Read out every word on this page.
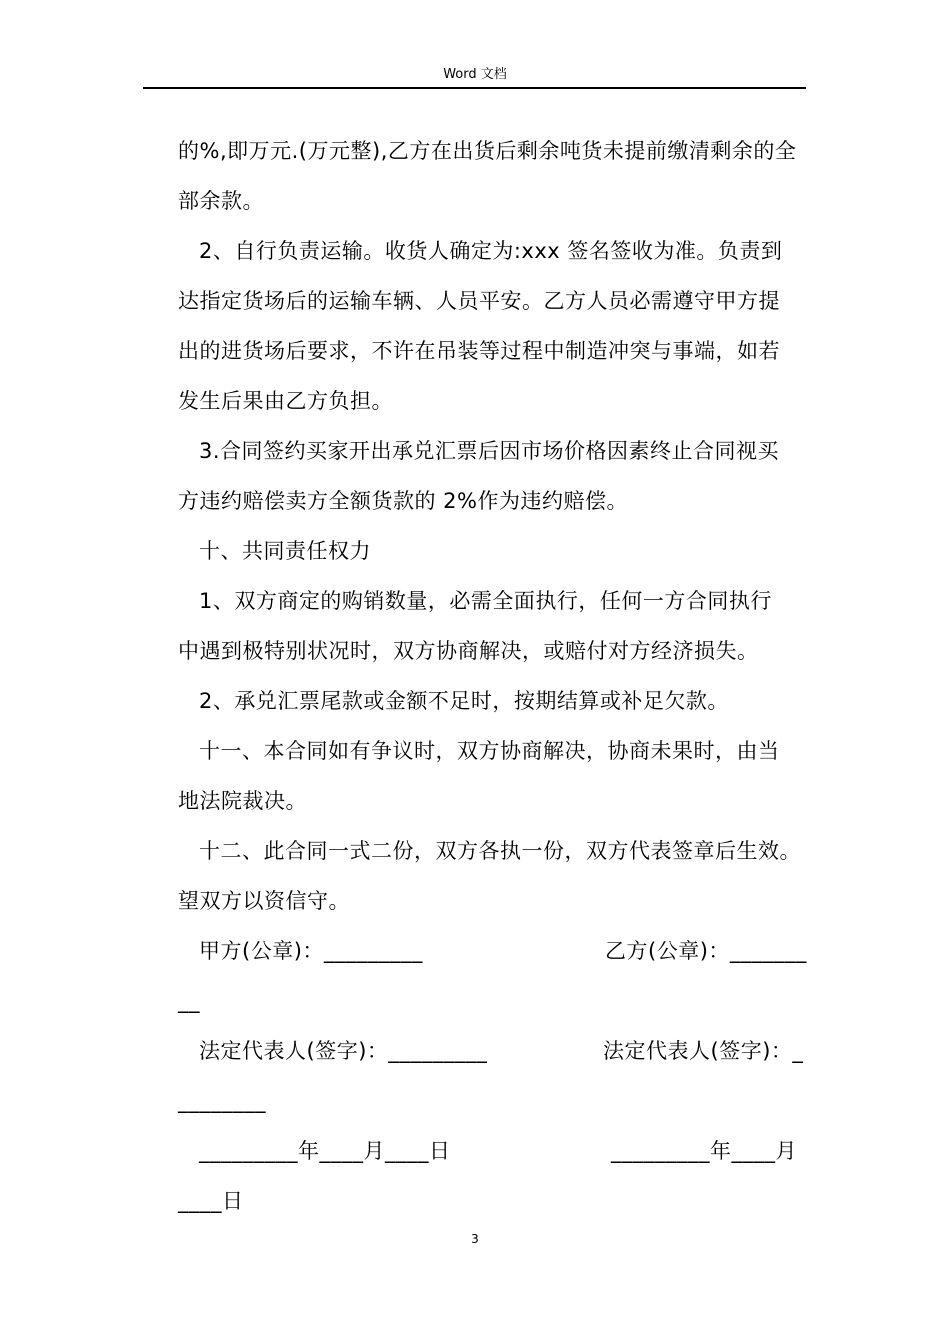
Word 文档
的%,即万元.(万元整),乙方在出货后剩余吨货未提前缴清剩余的全
部余款。
2、自行负责运输。收货人确定为:xxx 签名签收为准。负责到
达指定货场后的运输车辆、人员平安。乙方人员必需遵守甲方提
出的进货场后要求，不许在吊装等过程中制造冲突与事端，如若
发生后果由乙方负担。
3.合同签约买家开出承兑汇票后因市场价格因素终止合同视买
方违约赔偿卖方全额货款的 2%作为违约赔偿。
十、共同责任权力
1、双方商定的购销数量，必需全面执行，任何一方合同执行
中遇到极特别状况时，双方协商解决，或赔付对方经济损失。
2、承兑汇票尾款或金额不足时，按期结算或补足欠款。
十一、本合同如有争议时，双方协商解决，协商未果时，由当
地法院裁决。
十二、此合同一式二份，双方各执一份，双方代表签章后生效。
望双方以资信守。
甲方(公章)：_________	乙方(公章)：_______
__
法定代表人(签字)：_________	法定代表人(签字)：_
________
_________年____月____日	_________年____月
____日
3
